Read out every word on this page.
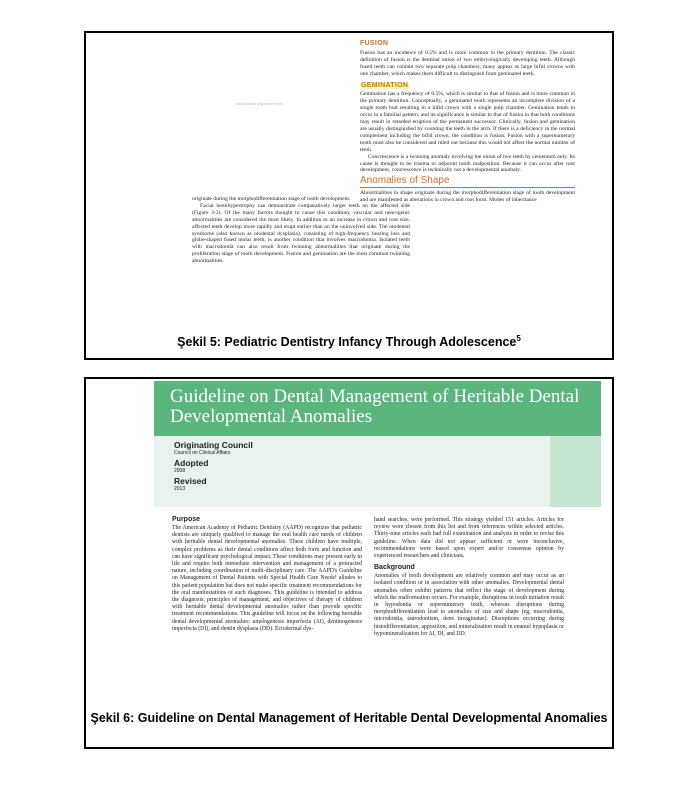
Not falanca yayınevi metin

originate during the morphodifferentiation stage of tooth development.

Facial hemihypertrophy can demonstrate comparatively larger teeth on the affected side (Figure 3-3). Of the many factors thought to cause this condition, vascular and neurogenic abnormalities are considered the most likely. In addition to an increase in crown and root size, affected teeth develop more rapidly and erupt earlier than on the uninvolved side. The otodental syndrome (also known as otodental dysplasia), consisting of high-frequency hearing loss and globe-shaped fused molar teeth, is another condition that involves macrodontia. Isolated teeth with macrodontia can also result from twinning abnormalities that originate during the proliferation stage of tooth development. Fusion and gemination are the most common twinning abnormalities.

FUSION

Fusion has an incidence of 0.5% and is more common in the primary dentition. The classic definition of fusion is the dentinal union of two embryologically developing teeth. Although fused teeth can contain two separate pulp chambers, many appear as large bifid crowns with one chamber, which makes them difficult to distinguish from geminated teeth.

GEMINATION

Gemination has a frequency of 0.5%, which is similar to that of fusion and is more common in the primary dentition. Conceptually, a geminated tooth represents an incomplete division of a single tooth bud resulting in a bifid crown with a single pulp chamber. Gemination tends to occur in a familial pattern, and its significance is similar to that of fusion in that both conditions may result in retarded eruption of the permanent successor. Clinically, fusion and gemination are usually distinguished by counting the teeth in the arch. If there is a deficiency in the normal complement including the bifid crown, the condition is fusion. Fusion with a supernumerary tooth must also be considered and ruled out because this would not affect the normal number of teeth.

Concrescence is a twinning anomaly involving the union of two teeth by cementum only. Its cause is thought to be trauma or adjacent tooth malposition. Because it can occur after root development, concrescence is technically not a developmental anomaly.

Anomalies of Shape

Abnormalities in shape originate during the morphodifferentiation stage of tooth development and are manifested as alterations in crown and root form. Modes of inheritance

Şekil 5: Pediatric Dentistry Infancy Through Adolescence$^5$
Guideline on Dental Management of Heritable Dental Developmental Anomalies
Originating Council
Council on Clinical Affairs
Adopted
2008
Revised
2013
Purpose

The American Academy of Pediatric Dentistry (AAPD) recognizes that pediatric dentists are uniquely qualified to manage the oral health care needs of children with heritable dental developmental anomalies. These children have multiple, complex problems as their dental conditions affect both form and function and can have significant psychological impact. These conditions may present early in life and require both immediate intervention and management of a protracted nature, including coordination of multi-disciplinary care. The AAPD's Guideline on Management of Dental Patients with Special Health Care Needs¹ alludes to this patient population but does not make specific treatment recommendations for the oral manifestations of such diagnoses. This guideline is intended to address the diagnosis, principles of management, and objectives of therapy of children with heritable dental developmental anomalies rather than provide specific treatment recommendations. This guideline will focus on the following heritable dental developmental anomalies: amelogenesis imperfecta (AI), dentinogenesis imperfecta (DI), and dentin dysplasia (DD). Ectodermal dys-

hand searches, were performed. This strategy yielded 151 articles. Articles for review were chosen from this list and from references within selected articles. Thirty-nine articles each had full examination and analysis in order to revise this guideline. When data did not appear sufficient or were inconclusive, recommendations were based upon expert and/or consensus opinion by experienced researchers and clinicians.

Background

Anomalies of tooth development are relatively common and may occur as an isolated condition or in association with other anomalies. Developmental dental anomalies often exhibit patterns that reflect the stage of development during which the malformation occurs. For example, disruptions in tooth initiation result in hypodontia or supernumerary teeth, whereas disruptions during morphodifferentiation lead to anomalies of size and shape (eg, macrodontia, microdontia, taurodontism, dens invaginatus). Disruptions occurring during histodifferentiation, apposition, and mineralization result in enamel hypoplasia or hypomineralization for AI, DI, and DD.

Şekil 6: Guideline on Dental Management of Heritable Dental Developmental Anomalies
